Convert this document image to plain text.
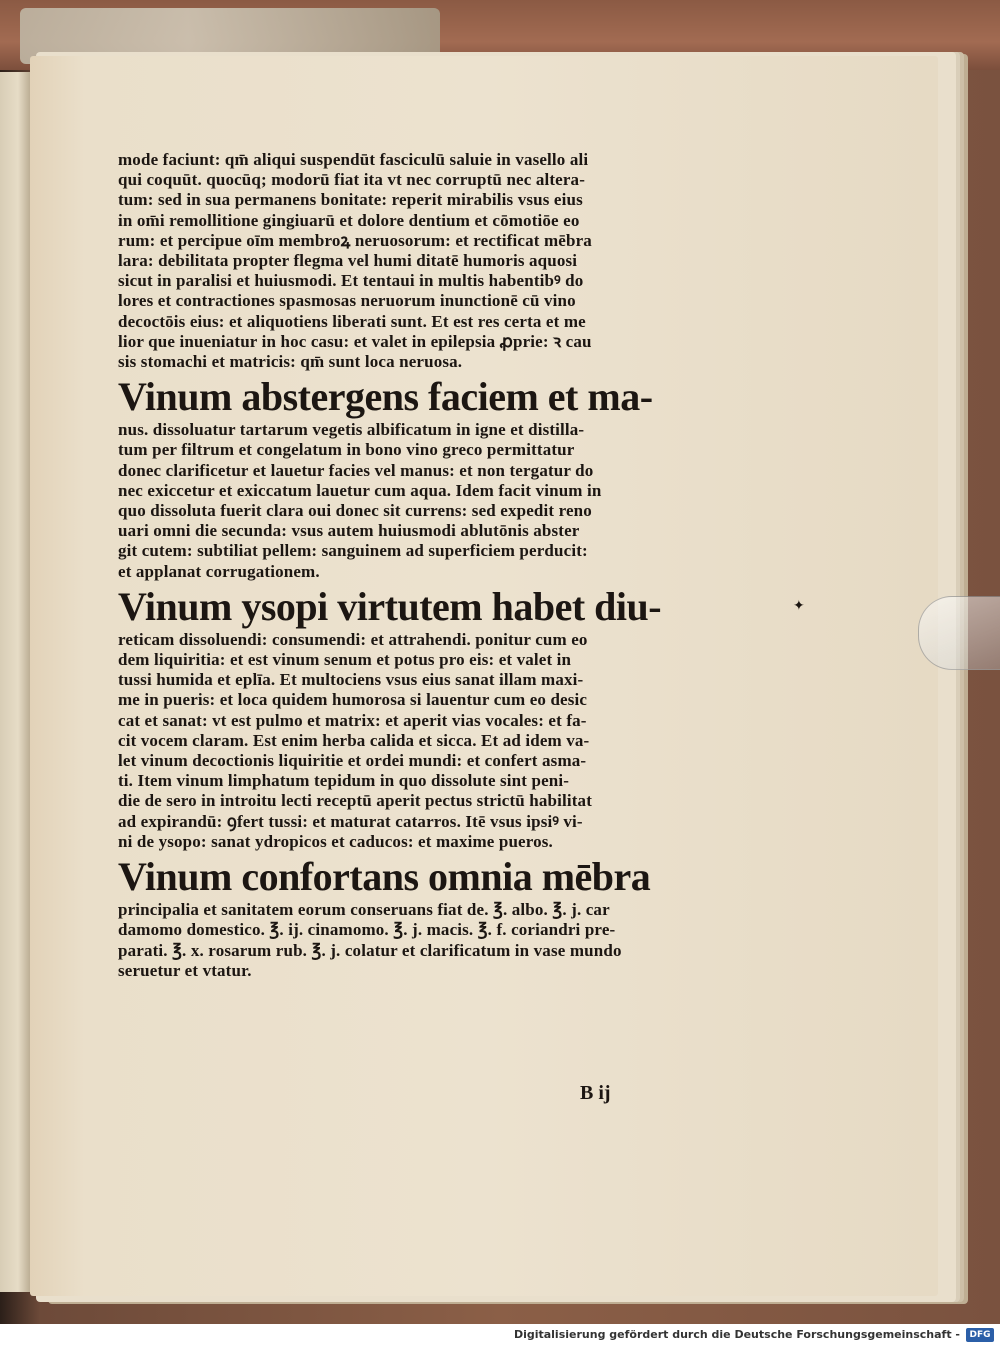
✦
mode faciunt: qm̄ aliqui suspendūt fasciculū saluie in vasello ali
qui coquūt. quocūq; modorū fiat ita vt nec corruptū nec altera-
tum: sed in sua permanens bonitate: reperit mirabilis vsus eius
in om̄i remollitione gingiuarū et dolore dentium et cōmotiōe eo
rum: et percipue oīm membroꝝ neruosorum: et rectificat mēbra
lara: debilitata propter flegma vel humi ditatē humoris aquosi
sicut in paralisi et huiusmodi. Et tentaui in multis habentibꝰ do
lores et contractiones spasmosas neruorum inunctionē cū vino
decoctōis eius: et aliquotiens liberati sunt. Et est res certa et me
lior que inueniatur in hoc casu: et valet in epilepsia ꝓprie: ꝛ cau
sis stomachi et matricis: qm̄ sunt loca neruosa.
Vinum abstergens faciem et ma-
nus. dissoluatur tartarum vegetis albificatum in igne et distilla-
tum per filtrum et congelatum in bono vino greco permittatur
donec clarificetur et lauetur facies vel manus: et non tergatur do
nec exiccetur et exiccatum lauetur cum aqua. Idem facit vinum in
quo dissoluta fuerit clara oui donec sit currens: sed expedit reno
uari omni die secunda: vsus autem huiusmodi ablutōnis abster
git cutem: subtiliat pellem: sanguinem ad superficiem perducit:
et applanat corrugationem.
Vinum ysopi virtutem habet diu-
reticam dissoluendi: consumendi: et attrahendi. ponitur cum eo
dem liquiritia: et est vinum senum et potus pro eis: et valet in
tussi humida et eplīa. Et multociens vsus eius sanat illam maxi-
me in pueris: et loca quidem humorosa si lauentur cum eo desic
cat et sanat: vt est pulmo et matrix: et aperit vias vocales: et fa-
cit vocem claram. Est enim herba calida et sicca. Et ad idem va-
let vinum decoctionis liquiritie et ordei mundi: et confert asma-
ti. Item vinum limphatum tepidum in quo dissolute sint peni-
die de sero in introitu lecti receptū aperit pectus strictū habilitat
ad expirandū: ꝯfert tussi: et maturat catarros. Itē vsus ipsiꝰ vi-
ni de ysopo: sanat ydropicos et caducos: et maxime pueros.
Vinum confortans omnia mēbra
principalia et sanitatem eorum conseruans fiat de. ℥. albo. ℥. j. car
damomo domestico. ℥. ij. cinamomo. ℥. j. macis. ℥. f. coriandri pre-
parati. ℥. x. rosarum rub. ℥. j. colatur et clarificatum in vase mundo
seruetur et vtatur.
B ij
Digitalisierung gefördert durch die Deutsche Forschungsgemeinschaft -	DFG
